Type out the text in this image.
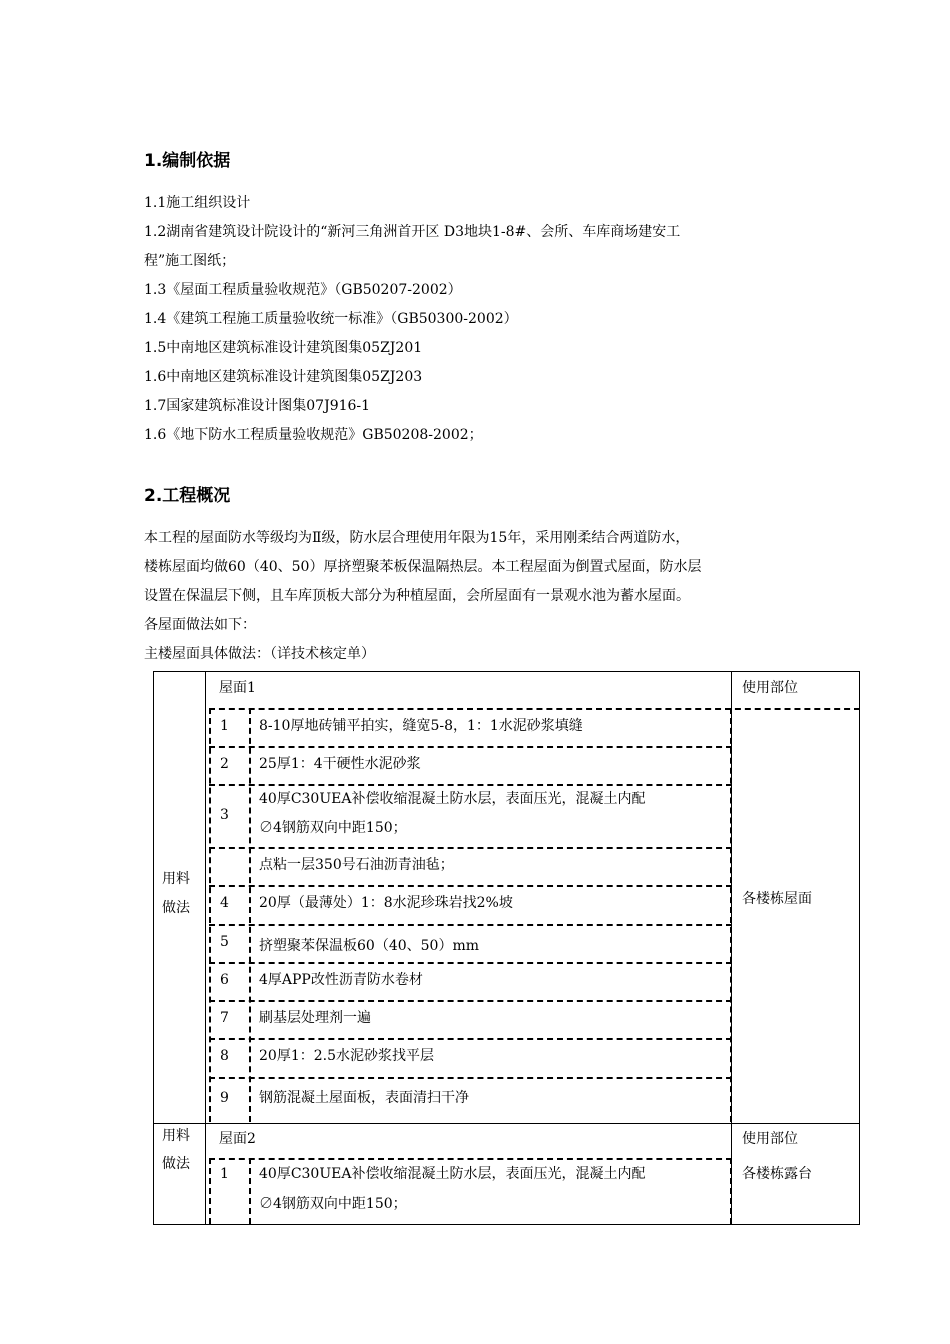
1.编制依据
1.1施工组织设计
1.2湖南省建筑设计院设计的“新河三角洲首开区 D3地块1-8#、会所、车库商场建安工
程”施工图纸；
1.3《屋面工程质量验收规范》（GB50207-2002）
1.4《建筑工程施工质量验收统一标准》（GB50300-2002）
1.5中南地区建筑标准设计建筑图集05ZJ201
1.6中南地区建筑标准设计建筑图集05ZJ203
1.7国家建筑标准设计图集07J916-1
1.6《地下防水工程质量验收规范》GB50208-2002；
2.工程概况
本工程的屋面防水等级均为Ⅱ级，防水层合理使用年限为15年，采用刚柔结合两道防水，
楼栋屋面均做60（40、50）厚挤塑聚苯板保温隔热层。本工程屋面为倒置式屋面，防水层
设置在保温层下侧，且车库顶板大部分为种植屋面，会所屋面有一景观水池为蓄水屋面。
各屋面做法如下：
主楼屋面具体做法：（详技术核定单）
屋面1	使用部位
用料
做法
各楼栋屋面
1 8-10厚地砖铺平拍实，缝宽5-8，1：1水泥砂浆填缝
2 25厚1：4干硬性水泥砂浆
3
40厚C30UEA补偿收缩混凝土防水层，表面压光，混凝土内配
∅4钢筋双向中距150；
点粘一层350号石油沥青油毡；
4 20厚（最薄处）1：8水泥珍珠岩找2%坡
5 挤塑聚苯保温板60（40、50）mm
6 4厚APP改性沥青防水卷材
7 刷基层处理剂一遍
8 20厚1：2.5水泥砂浆找平层
9 钢筋混凝土屋面板，表面清扫干净
用料
做法
屋面2	使用部位
1 40厚C30UEA补偿收缩混凝土防水层，表面压光，混凝土内配
∅4钢筋双向中距150；
各楼栋露台
